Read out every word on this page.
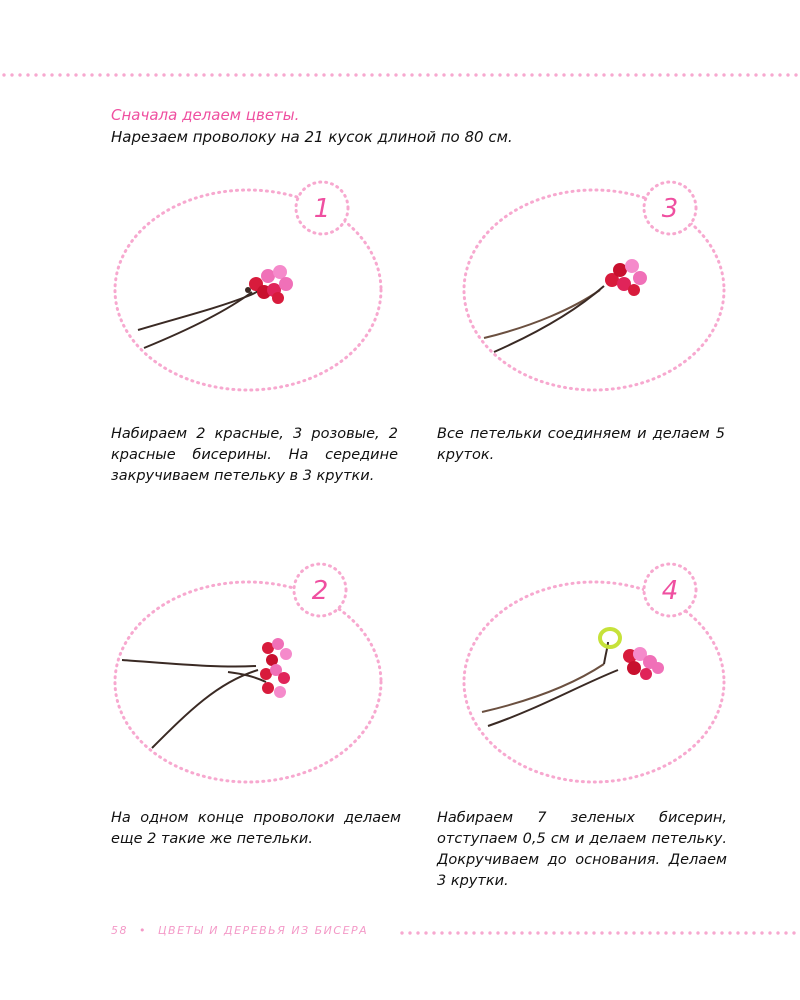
Сначала делаем цветы.
Нарезаем проволоку на 21 кусок длиной по 80 см.
1
Набираем 2 красные, 3 розовые, 2 красные бисерины. На середине закручиваем петельку в 3 крутки.
3
Все петельки соединяем и делаем 5 круток.
2
На одном конце проволоки делаем еще 2 такие же петельки.
4
Набираем 7 зеленых бисерин, отступаем 0,5 см и делаем петельку. Докручиваем до основания. Делаем 3 крутки.
58 • ЦВЕТЫ И ДЕРЕВЬЯ ИЗ БИСЕРА
